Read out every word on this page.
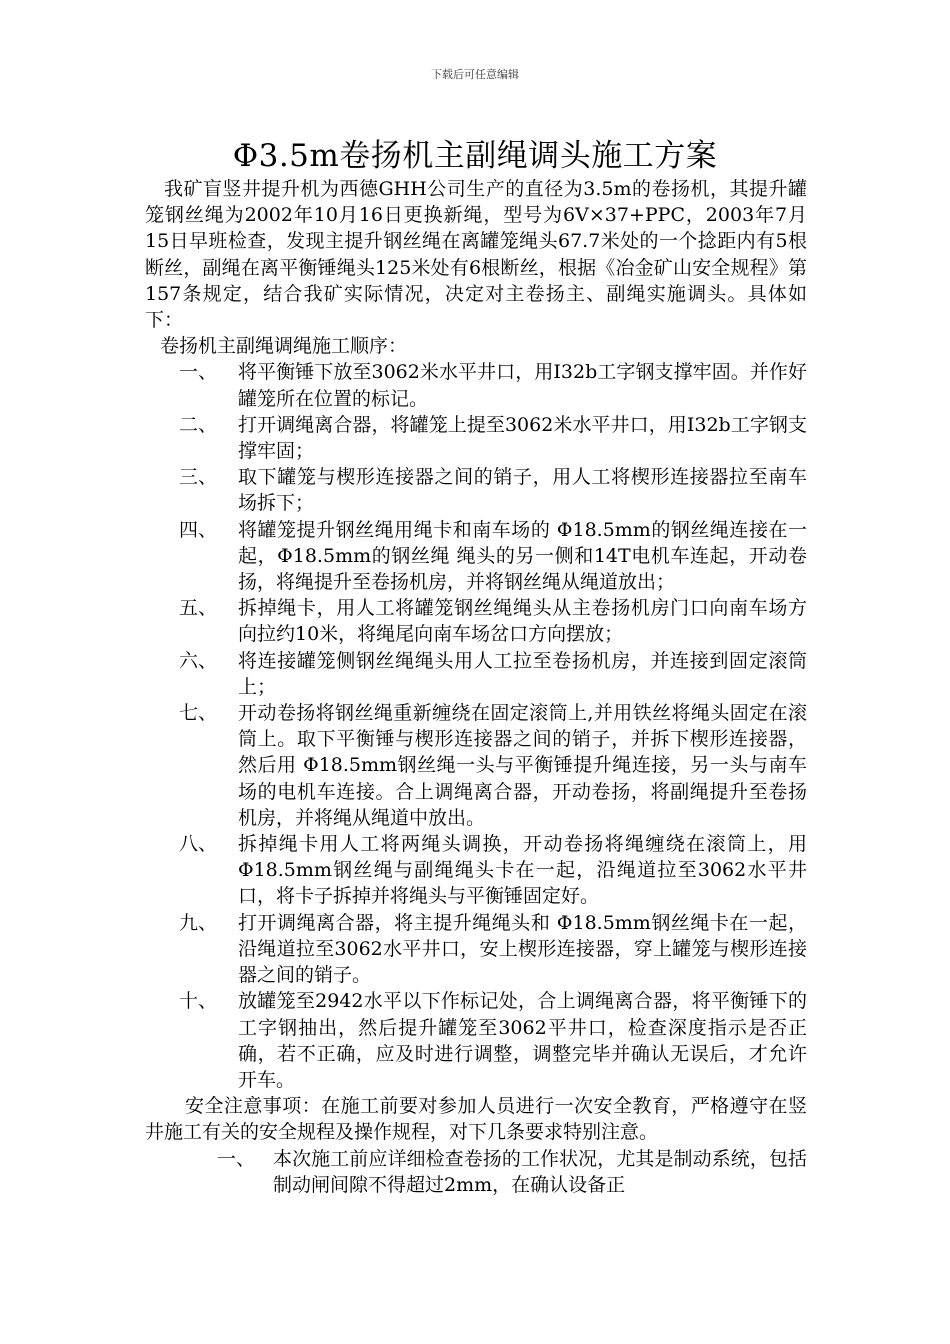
下载后可任意编辑
Φ3.5m卷扬机主副绳调头施工方案

我矿盲竖井提升机为西德GHH公司生产的直径为3.5m的卷扬机，其提升罐笼钢丝绳为2002年10月16日更换新绳，型号为6V×37+PPC，2003年7月15日早班检查，发现主提升钢丝绳在离罐笼绳头67.7米处的一个捻距内有5根断丝，副绳在离平衡锤绳头125米处有6根断丝，根据《冶金矿山安全规程》第157条规定，结合我矿实际情况，决定对主卷扬主、副绳实施调头。具体如下：

卷扬机主副绳调绳施工顺序：

一、	将平衡锤下放至3062米水平井口，用I32b工字钢支撑牢固。并作好罐笼所在位置的标记。
二、	打开调绳离合器，将罐笼上提至3062米水平井口，用I32b工字钢支撑牢固；
三、	取下罐笼与楔形连接器之间的销子，用人工将楔形连接器拉至南车场拆下；
四、	将罐笼提升钢丝绳用绳卡和南车场的 Φ18.5mm的钢丝绳连接在一起，Φ18.5mm的钢丝绳 绳头的另一侧和14T电机车连起，开动卷扬，将绳提升至卷扬机房，并将钢丝绳从绳道放出；
五、	拆掉绳卡，用人工将罐笼钢丝绳绳头从主卷扬机房门口向南车场方向拉约10米，将绳尾向南车场岔口方向摆放；
六、	将连接罐笼侧钢丝绳绳头用人工拉至卷扬机房，并连接到固定滚筒上；
七、	开动卷扬将钢丝绳重新缠绕在固定滚筒上,并用铁丝将绳头固定在滚筒上。取下平衡锤与楔形连接器之间的销子，并拆下楔形连接器，然后用 Φ18.5mm钢丝绳一头与平衡锤提升绳连接，另一头与南车场的电机车连接。合上调绳离合器，开动卷扬，将副绳提升至卷扬机房，并将绳从绳道中放出。
八、	拆掉绳卡用人工将两绳头调换，开动卷扬将绳缠绕在滚筒上，用 Φ18.5mm钢丝绳与副绳绳头卡在一起，沿绳道拉至3062水平井口，将卡子拆掉并将绳头与平衡锤固定好。
九、	打开调绳离合器，将主提升绳绳头和 Φ18.5mm钢丝绳卡在一起，沿绳道拉至3062水平井口，安上楔形连接器，穿上罐笼与楔形连接器之间的销子。
十、	放罐笼至2942水平以下作标记处，合上调绳离合器，将平衡锤下的工字钢抽出，然后提升罐笼至3062平井口，检查深度指示是否正确，若不正确，应及时进行调整，调整完毕并确认无误后，才允许开车。

安全注意事项：在施工前要对参加人员进行一次安全教育，严格遵守在竖井施工有关的安全规程及操作规程，对下几条要求特别注意。

一、 本次施工前应详细检查卷扬的工作状况，尤其是制动系统，包括制动闸间隙不得超过2mm，在确认设备正
